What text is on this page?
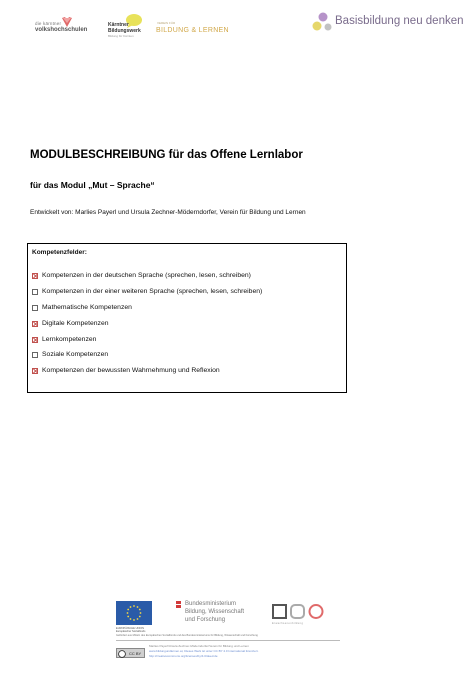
die kärntner
volkshochschulen
Kärntner
Bildungswerk
Bildung für Kärnten
VEREIN FÜR
BILDUNG & LERNEN
Basisbildung neu denken
MODULBESCHREIBUNG für das Offene Lernlabor
für das Modul „Mut – Sprache“
Entwickelt von: Marlies Payerl und Ursula Zechner-Möderndorfer, Verein für Bildung und Lernen
Kompetenzfelder:
Kompetenzen in der deutschen Sprache (sprechen, lesen, schreiben)
Kompetenzen in der einer weiteren Sprache (sprechen, lesen, schreiben)
Mathematische Kompetenzen
Digitale Kompetenzen
Lernkompetenzen
Soziale Kompetenzen
Kompetenzen der bewussten Wahrnehmung und Reflexion
EUROPÄISCHE UNION
Europäischer Sozialfonds
Bundesministerium
Bildung, Wissenschaft
und Forschung
Erwachsenenbildung
Gefördert aus Mitteln des Europäischen Sozialfonds und des Bundesministeriums für Bildung, Wissenschaft und Forschung
CC BY
Marlies Payerl/Ursula Zechner-Möderndorfer/Verein für Bildung und Lernen
www.bildungundlernen.at, Dieses Werk ist unter CC BY 4.0 International lizenziert.
http://creativecommons.org/licenses/by/4.0/deed.de
